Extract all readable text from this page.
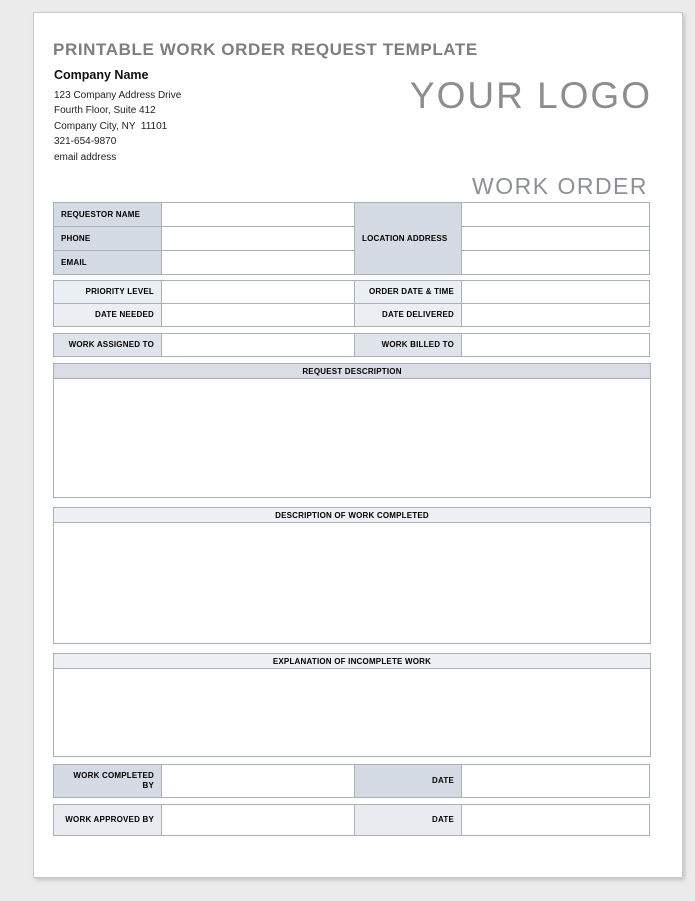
PRINTABLE WORK ORDER REQUEST TEMPLATE
Company Name
123 Company Address Drive
Fourth Floor, Suite 412
Company City, NY  11101
321-654-9870
email address
YOUR LOGO
WORK ORDER
REQUESTOR NAME		LOCATION ADDRESS	
PHONE			
EMAIL			
PRIORITY LEVEL		ORDER DATE & TIME	
DATE NEEDED		DATE DELIVERED	
WORK ASSIGNED TO		WORK BILLED TO	
REQUEST DESCRIPTION
DESCRIPTION OF WORK COMPLETED
EXPLANATION OF INCOMPLETE WORK
WORK COMPLETED BY		DATE	
WORK APPROVED BY		DATE	
